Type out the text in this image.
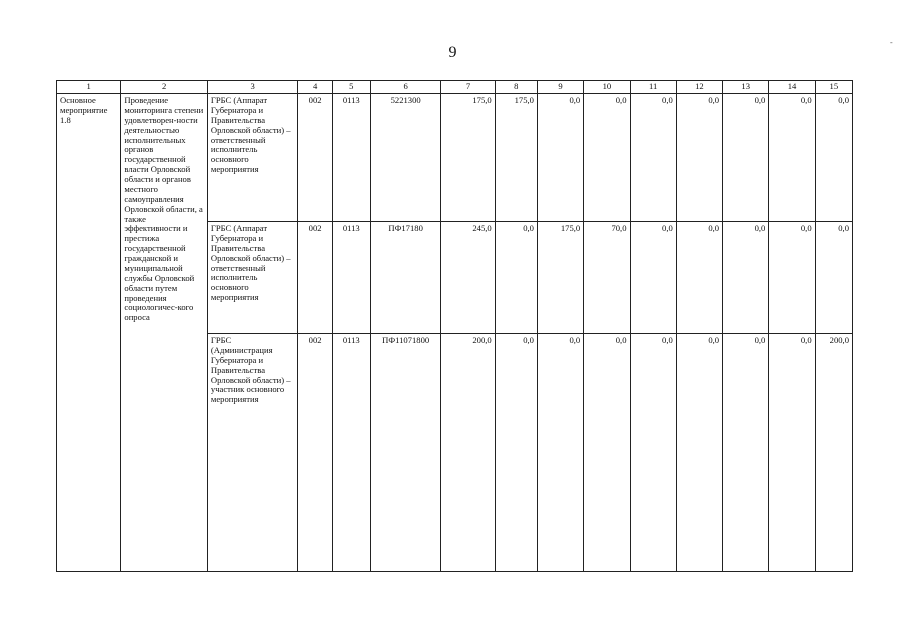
9
-
1	2	3	4	5	6	7	8	9	10	11	12	13	14	15
Основное мероприятие 1.8	Проведение мониторинга степени удовлетворен-ности деятельностью исполнительных органов государственной власти Орловской области и органов местного самоуправления Орловской области, а также эффективности и престижа государственной гражданской и муниципальной службы Орловской области путем проведения социологичес-кого опроса	ГРБС (Аппарат Губернатора и Правительства Орловской области) – ответственный исполнитель основного мероприятия	002	0113	5221300	175,0	175,0	0,0	0,0	0,0	0,0	0,0	0,0	0,0
		ГРБС (Аппарат Губернатора и Правительства Орловской области) – ответственный исполнитель основного мероприятия	002	0113	ПФ17180	245,0	0,0	175,0	70,0	0,0	0,0	0,0	0,0	0,0
		ГРБС (Администрация Губернатора и Правительства Орловской области) – участник основного мероприятия	002	0113	ПФ11071800	200,0	0,0	0,0	0,0	0,0	0,0	0,0	0,0	200,0
